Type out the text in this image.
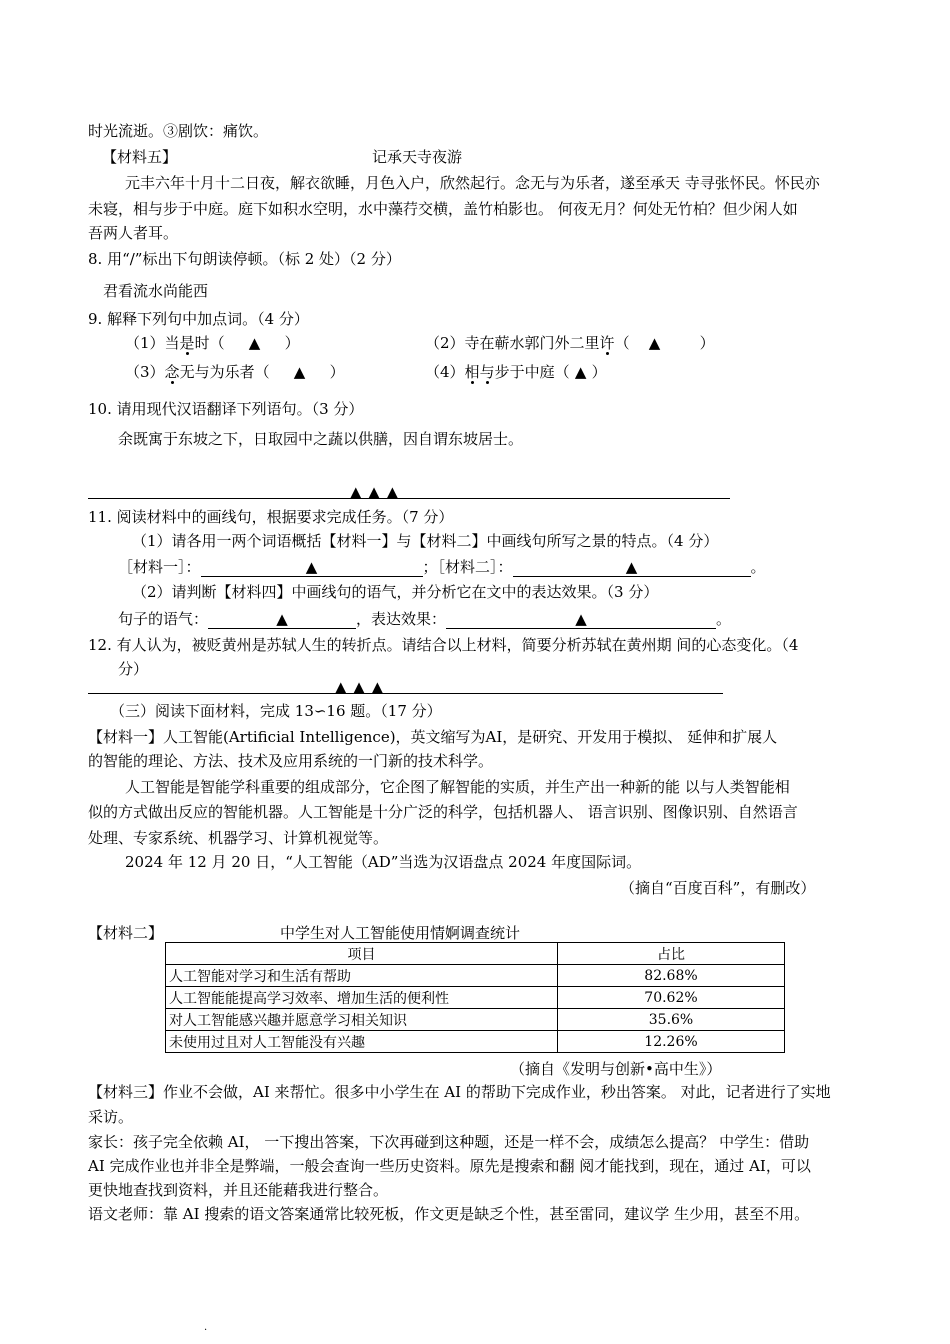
时光流逝。③剧饮：痛饮。
【材料五】	记承天寺夜游
元丰六年十月十二日夜，解衣欲睡，月色入户，欣然起行。念无与为乐者，遂至承天 寺寻张怀民。怀民亦
未寝，相与步于中庭。庭下如积水空明，水中藻荇交横，盖竹柏影也。 何夜无月？何处无竹柏？但少闲人如
吾两人者耳。
8. 用“/”标出下句朗读停顿。（标 2 处）（2 分）
君看流水尚能西
9. 解释下列句中加点词。（4 分）
（1）当是时（ ▲ ）	（2）寺在蕲水郭门外二里许（ ▲	）
（3）念无与为乐者（ ▲ ）	（4）相与步于中庭（ ▲ ）
10. 请用现代汉语翻译下列语句。（3 分）
余既寓于东坡之下，日取园中之蔬以供膳，因自谓东坡居士。
▲ ▲ ▲
11. 阅读材料中的画线句，根据要求完成任务。（7 分）
（1）请各用一两个词语概括【材料一】与【材料二】中画线句所写之景的特点。（4 分）
［材料一］：	▲	；［材料二］：	▲	。
（2）请判断【材料四】中画线句的语气，并分析它在文中的表达效果。（3 分）
句子的语气：	▲	，表达效果：	▲	。
12. 有人认为，被贬黄州是苏轼人生的转折点。请结合以上材料，简要分析苏轼在黄州期 间的心态变化。（4
分）
▲ ▲ ▲
（三）阅读下面材料，完成 13∽16 题。（17 分）
【材料一】人工智能(Artificial Intelligence)，英文缩写为AI，是研究、开发用于模拟、 延伸和扩展人
的智能的理论、方法、技术及应用系统的一门新的技术科学。
人工智能是智能学科重要的组成部分，它企图了解智能的实质，并生产出一种新的能 以与人类智能相
似的方式做出反应的智能机器。人工智能是十分广泛的科学，包括机器人、 语言识别、图像识别、自然语言
处理、专家系统、机器学习、计算机视觉等。
2024 年 12 月 20 日，“人工智能（AD”当选为汉语盘点 2024 年度国际词。
（摘自“百度百科”，有删改）
【材料二】	中学生对人工智能使用情婀调查统计
项目	占比
人工智能对学习和生活有帮助	82.68%
人工智能能提高学习效率、增加生活的便利性	70.62%
对人工智能感兴趣并愿意学习相关知识	35.6%
未使用过且对人工智能没有兴趣	12.26%
（摘自《发明与创新•高中生》）
【材料三】作业不会做，AI 来帮忙。很多中小学生在 AI 的帮助下完成作业，秒出答案。 对此，记者进行了实地
采访。
家长：孩子完全依赖 AI， 一下搜出答案，下次再碰到这种题，还是一样不会，成绩怎么提高？ 中学生：借助
AI 完成作业也并非全是弊端，一般会查询一些历史资料。原先是搜索和翻 阅才能找到，现在，通过 AI，可以
更快地查找到资料，并且还能藉我进行整合。
语文老师：靠 AI 搜索的语文答案通常比较死板，作文更是缺乏个性，甚至雷同，建议学 生少用，甚至不用。
.
